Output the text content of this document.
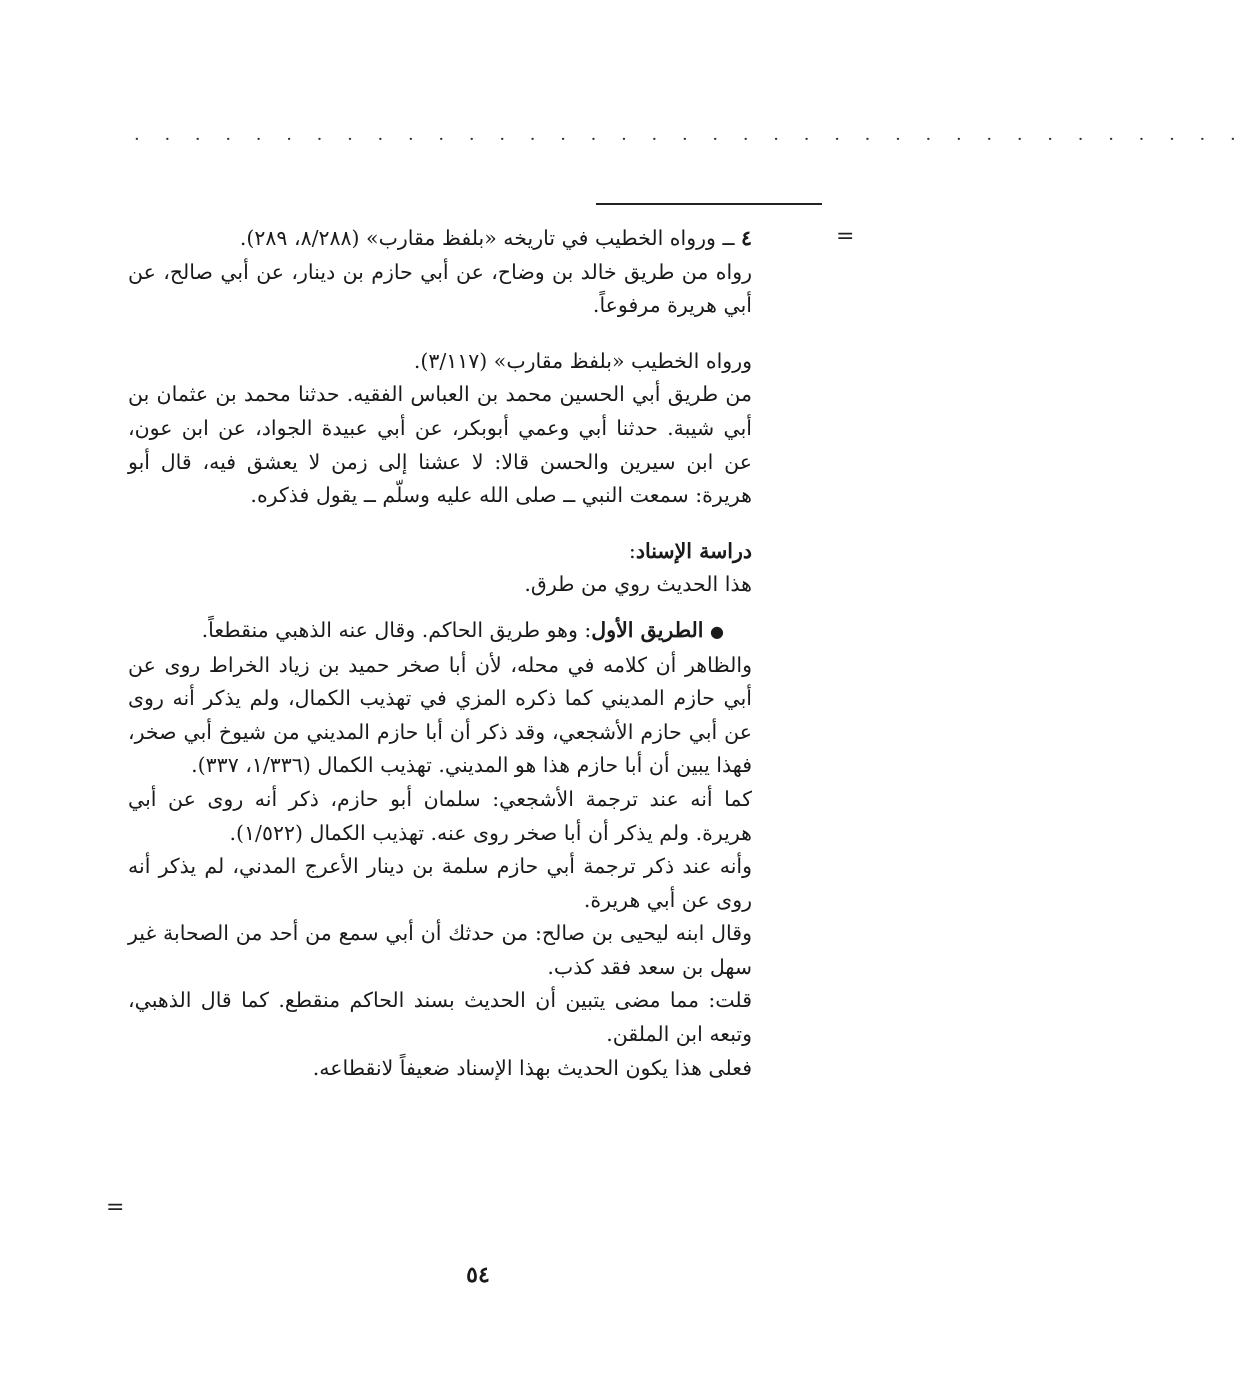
· · · · · · · · · · · · · · · · · · · · · · · · · · · · · · · · · · · · ·
=
=

٤ ــ ورواه الخطيب في تاريخه «بلفظ مقارب» (٨/٢٨٨، ٢٨٩).

رواه من طريق خالد بن وضاح، عن أبي حازم بن دينار، عن أبي صالح، عن أبي هريرة مرفوعاً.

ورواه الخطيب «بلفظ مقارب» (٣/١١٧).

من طريق أبي الحسين محمد بن العباس الفقيه. حدثنا محمد بن عثمان بن أبي شيبة. حدثنا أبي وعمي أبوبكر، عن أبي عبيدة الجواد، عن ابن عون، عن ابن سيرين والحسن قالا: لا عشنا إلى زمن لا يعشق فيه، قال أبو هريرة: سمعت النبي ــ صلى الله عليه وسلّم ــ يقول فذكره.

دراسة الإسناد:

هذا الحديث روي من طرق.

● الطريق الأول: وهو طريق الحاكم. وقال عنه الذهبي منقطعاً.

والظاهر أن كلامه في محله، لأن أبا صخر حميد بن زياد الخراط روى عن أبي حازم المديني كما ذكره المزي في تهذيب الكمال، ولم يذكر أنه روى عن أبي حازم الأشجعي، وقد ذكر أن أبا حازم المديني من شيوخ أبي صخر، فهذا يبين أن أبا حازم هذا هو المديني. تهذيب الكمال (١/٣٣٦، ٣٣٧).

كما أنه عند ترجمة الأشجعي: سلمان أبو حازم، ذكر أنه روى عن أبي هريرة. ولم يذكر أن أبا صخر روى عنه. تهذيب الكمال (١/٥٢٢).

وأنه عند ذكر ترجمة أبي حازم سلمة بن دينار الأعرج المدني، لم يذكر أنه روى عن أبي هريرة.

وقال ابنه ليحيى بن صالح: من حدثك أن أبي سمع من أحد من الصحابة غير سهل بن سعد فقد كذب.

قلت: مما مضى يتبين أن الحديث بسند الحاكم منقطع. كما قال الذهبي، وتبعه ابن الملقن.

فعلى هذا يكون الحديث بهذا الإسناد ضعيفاً لانقطاعه.

٥٤
